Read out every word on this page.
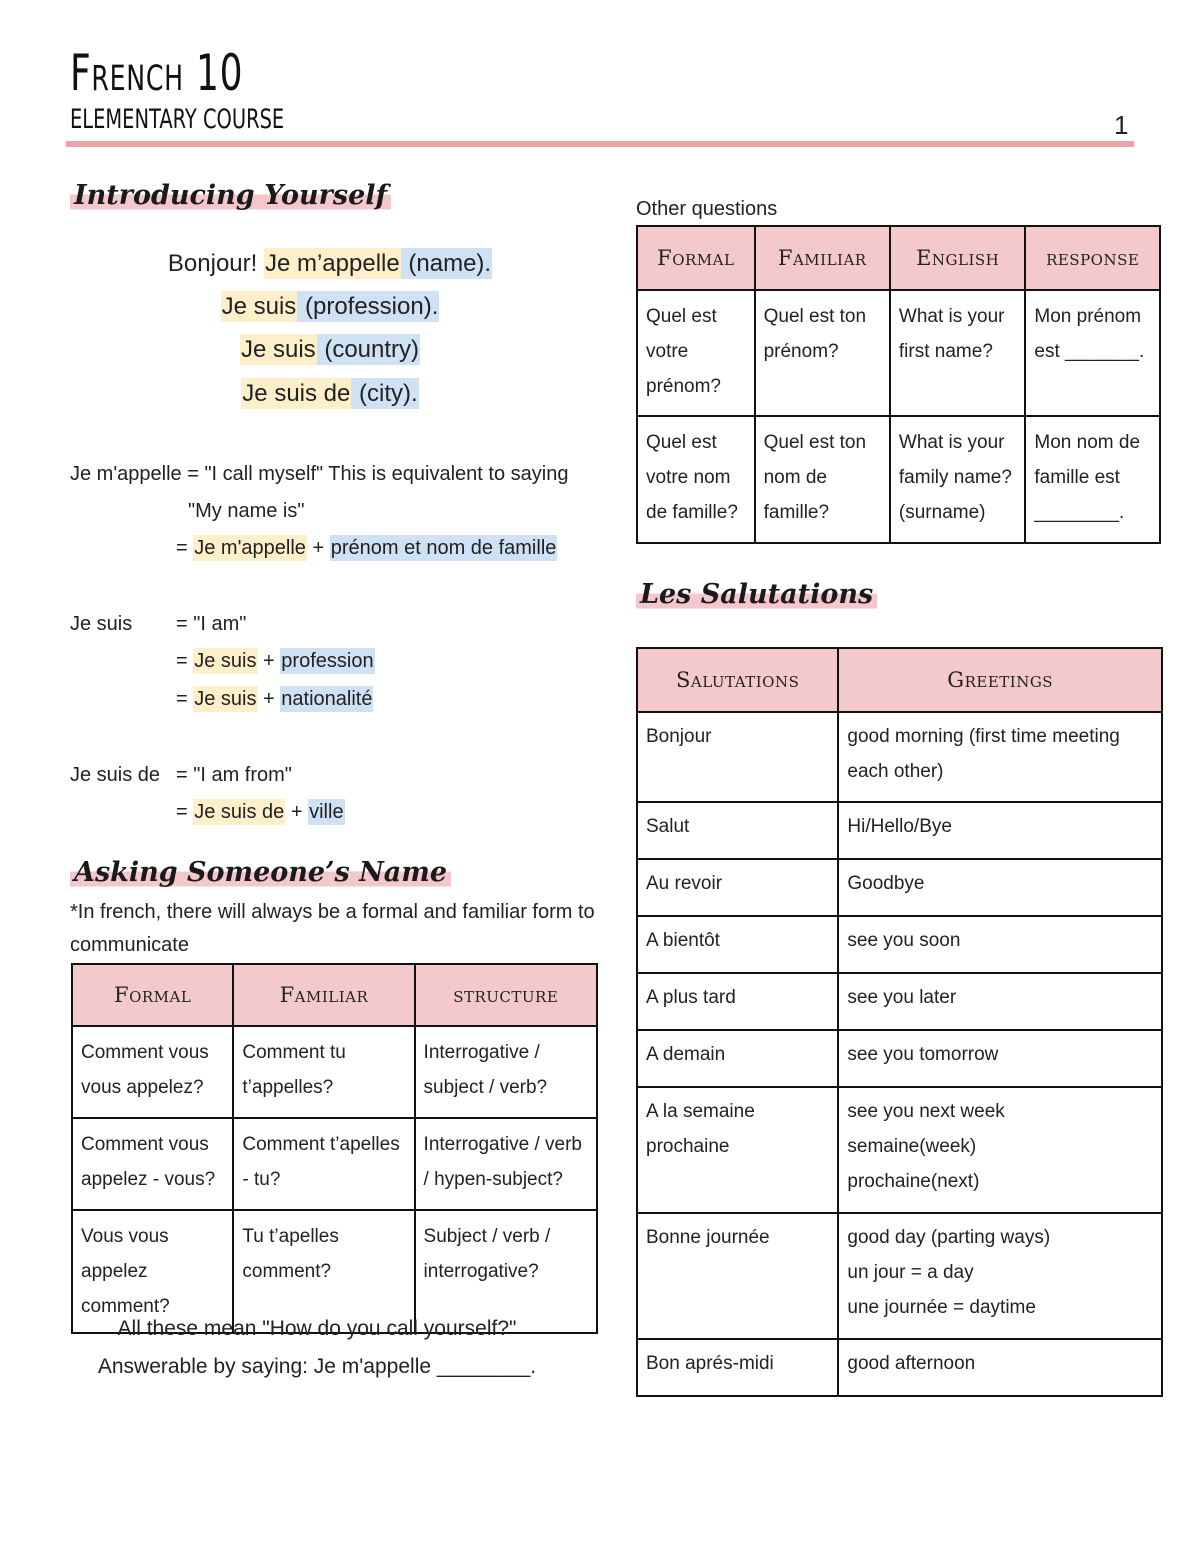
French 10
ELEMENTARY COURSE	1
Introducing Yourself
Bonjour! Je m’appelle (name).
Je suis (profession).
Je suis (country)
Je suis de (city).
Je m'appelle = "I call myself" This is equivalent to saying
"My name is"
= Je m'appelle + prénom et nom de famille
Je suis = "I am"
= Je suis + profession
= Je suis + nationalité
Je suis de = "I am from"
= Je suis de + ville
Asking Someone’s Name
*In french, there will always be a formal and familiar form to
communicate
Formal	Familiar	structure
Comment vous vous appelez?	Comment tu t’appelles?	Interrogative / subject / verb?
Comment vous appelez - vous?	Comment t’apelles - tu?	Interrogative / verb / hypen-subject?
Vous vous appelez comment?	Tu t’apelles comment?	Subject / verb / interrogative?
All these mean "How do you call yourself?"
Answerable by saying: Je m'appelle ________.
Other questions
Formal	Familiar	English	response
Quel est votre prénom?	Quel est ton prénom?	What is your first name?	Mon prénom est _______.
Quel est votre nom de famille?	Quel est ton nom de famille?	What is your family name? (surname)	Mon nom de famille est ________.
Les Salutations
Salutations	Greetings
Bonjour	good morning (first time meeting each other)
Salut	Hi/Hello/Bye
Au revoir	Goodbye
A bientôt	see you soon
A plus tard	see you later
A demain	see you tomorrow
A la semaine prochaine	see you next week
semaine(week)
prochaine(next)
Bonne journée	good day (parting ways)
un jour = a day
une journée = daytime
Bon aprés-midi	good afternoon
